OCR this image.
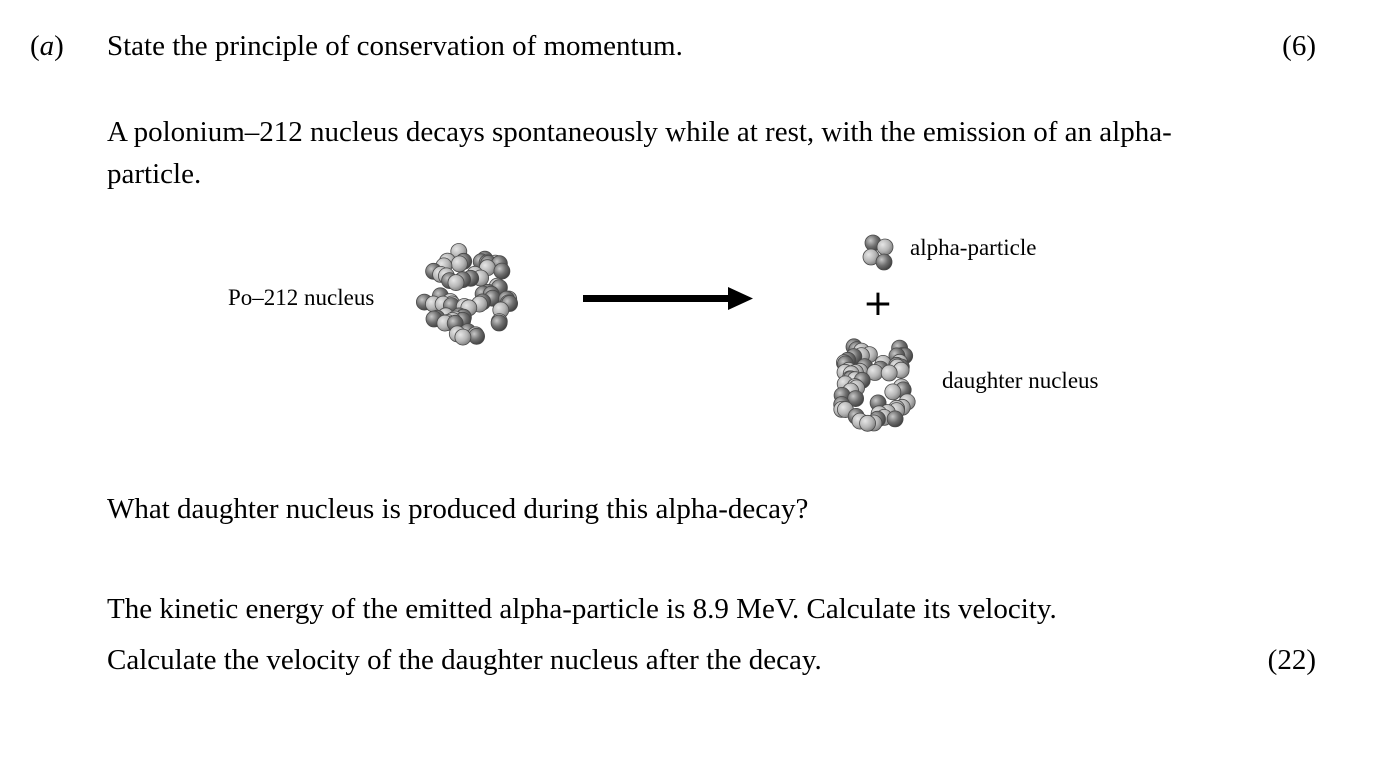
(a) State the principle of conservation of momentum.	(6)
A polonium–212 nucleus decays spontaneously while at rest, with the emission of an alpha-particle.
+
Po–212 nucleus
alpha-particle
daughter nucleus
What daughter nucleus is produced during this alpha-decay?
The kinetic energy of the emitted alpha-particle is 8.9 MeV. Calculate its velocity.
Calculate the velocity of the daughter nucleus after the decay.	(22)
